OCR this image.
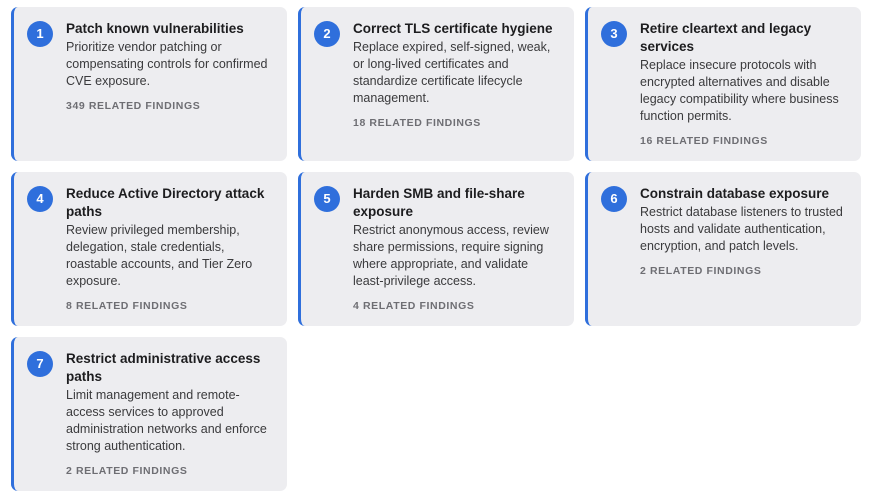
1	Patch known vulnerabilities

Prioritize vendor patching or compensating controls for confirmed CVE exposure.

349 RELATED FINDINGS
2	Correct TLS certificate hygiene

Replace expired, self-signed, weak, or long-lived certificates and standardize certificate lifecycle management.

18 RELATED FINDINGS
3	Retire cleartext and legacy services

Replace insecure protocols with encrypted alternatives and disable legacy compatibility where business function permits.

16 RELATED FINDINGS
4	Reduce Active Directory attack paths

Review privileged membership, delegation, stale credentials, roastable accounts, and Tier Zero exposure.

8 RELATED FINDINGS
5	Harden SMB and file-share exposure

Restrict anonymous access, review share permissions, require signing where appropriate, and validate least-privilege access.

4 RELATED FINDINGS
6	Constrain database exposure

Restrict database listeners to trusted hosts and validate authentication, encryption, and patch levels.

2 RELATED FINDINGS
7	Restrict administrative access paths

Limit management and remote-access services to approved administration networks and enforce strong authentication.

2 RELATED FINDINGS
